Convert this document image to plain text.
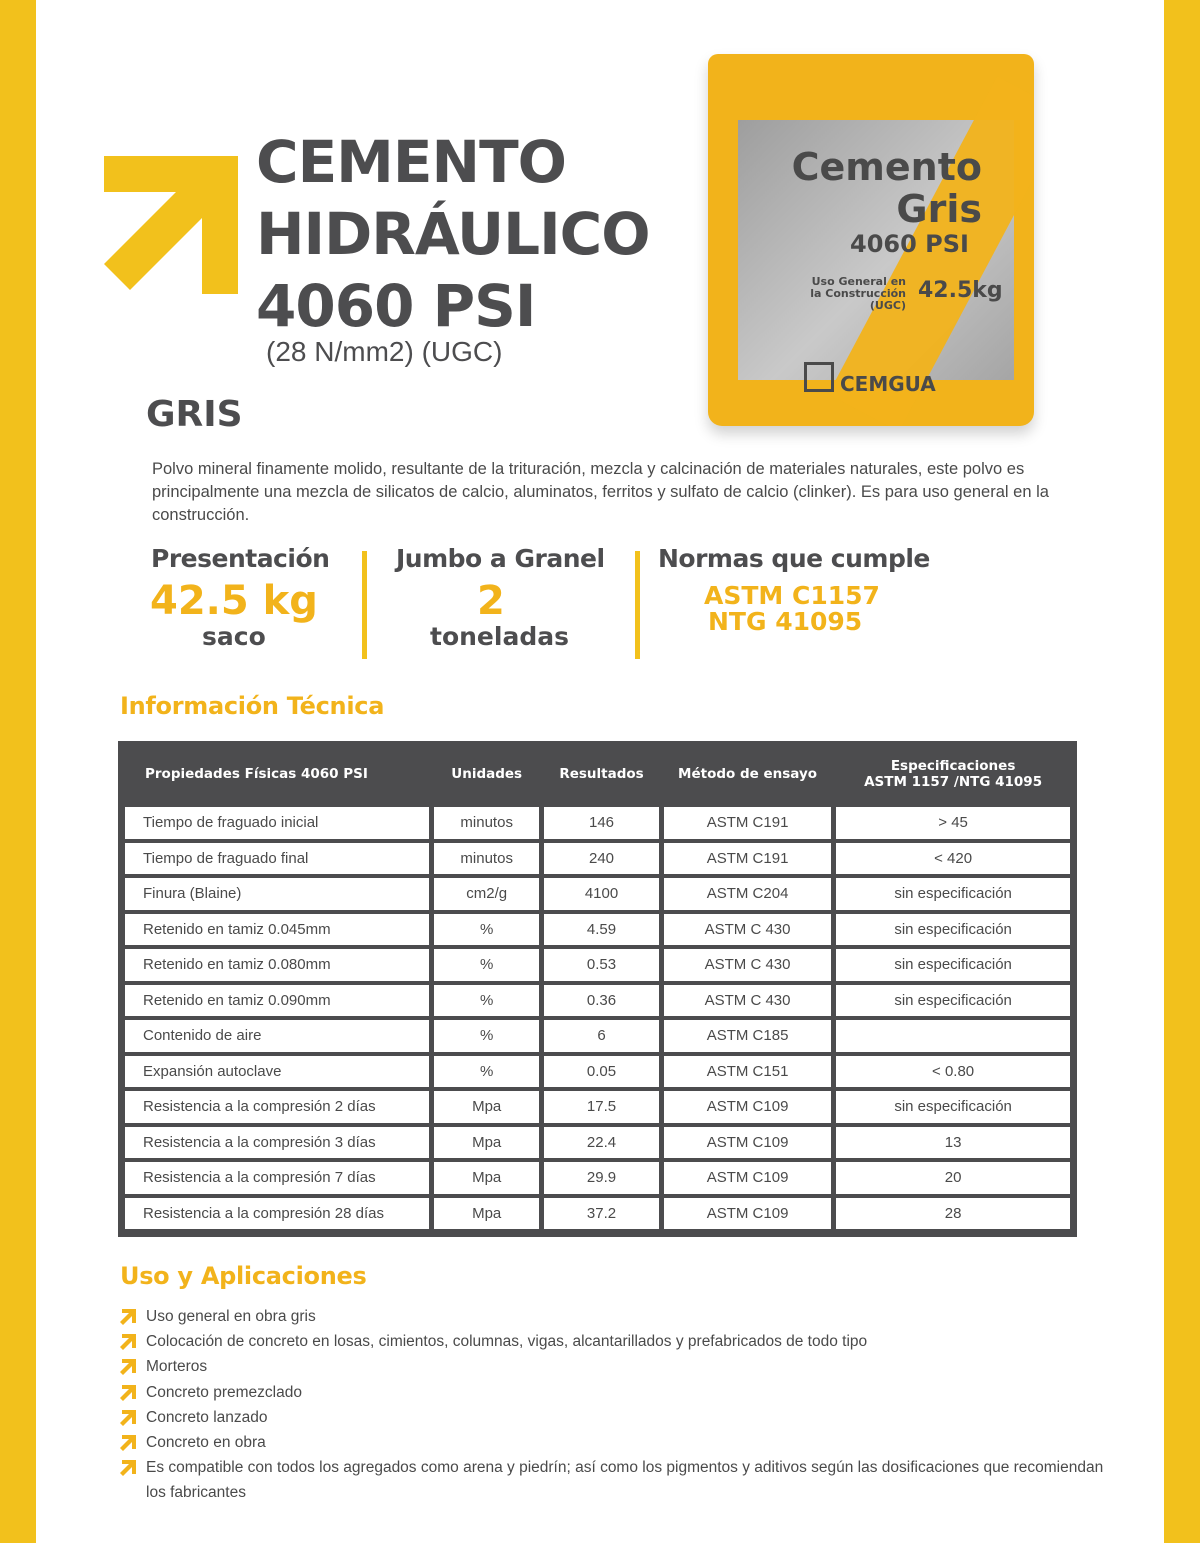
CEMENTO
HIDRÁULICO
4060 PSI
(28 N/mm2) (UGC)
GRIS
Cemento
Gris
4060 PSI
Uso General en
la Construcción
(UGC)
42.5kg
CEMGUA

Polvo mineral finamente molido, resultante de la trituración, mezcla y calcinación de materiales naturales, este polvo es principalmente una mezcla de silicatos de calcio, aluminatos, ferritos y sulfato de calcio (clinker). Es para uso general en la construcción.

Presentación
42.5 kg
saco
Jumbo a Granel
2
toneladas
Normas que cumple
ASTM C1157
NTG 41095
Información Técnica
Propiedades Físicas 4060 PSI	Unidades	Resultados	Método de ensayo	Especificaciones
ASTM 1157 /NTG 41095

Tiempo de fraguado inicial	minutos	146	ASTM C191	> 45
Tiempo de fraguado final	minutos	240	ASTM C191	< 420
Finura (Blaine)	cm2/g	4100	ASTM C204	sin especificación
Retenido en tamiz 0.045mm	%	4.59	ASTM C 430	sin especificación
Retenido en tamiz 0.080mm	%	0.53	ASTM C 430	sin especificación
Retenido en tamiz 0.090mm	%	0.36	ASTM C 430	sin especificación
Contenido de aire	%	6	ASTM C185	
Expansión autoclave	%	0.05	ASTM C151	< 0.80
Resistencia a la compresión 2 días	Mpa	17.5	ASTM C109	sin especificación
Resistencia a la compresión 3 días	Mpa	22.4	ASTM C109	13
Resistencia a la compresión 7 días	Mpa	29.9	ASTM C109	20
Resistencia a la compresión 28 días	Mpa	37.2	ASTM C109	28
Uso y Aplicaciones
Uso general en obra gris
Colocación de concreto en losas, cimientos, columnas, vigas, alcantarillados y prefabricados de todo tipo
Morteros
Concreto premezclado
Concreto lanzado
Concreto en obra
Es compatible con todos los agregados como arena y piedrín; así como los pigmentos y aditivos según las dosificaciones que recomiendan los fabricantes
